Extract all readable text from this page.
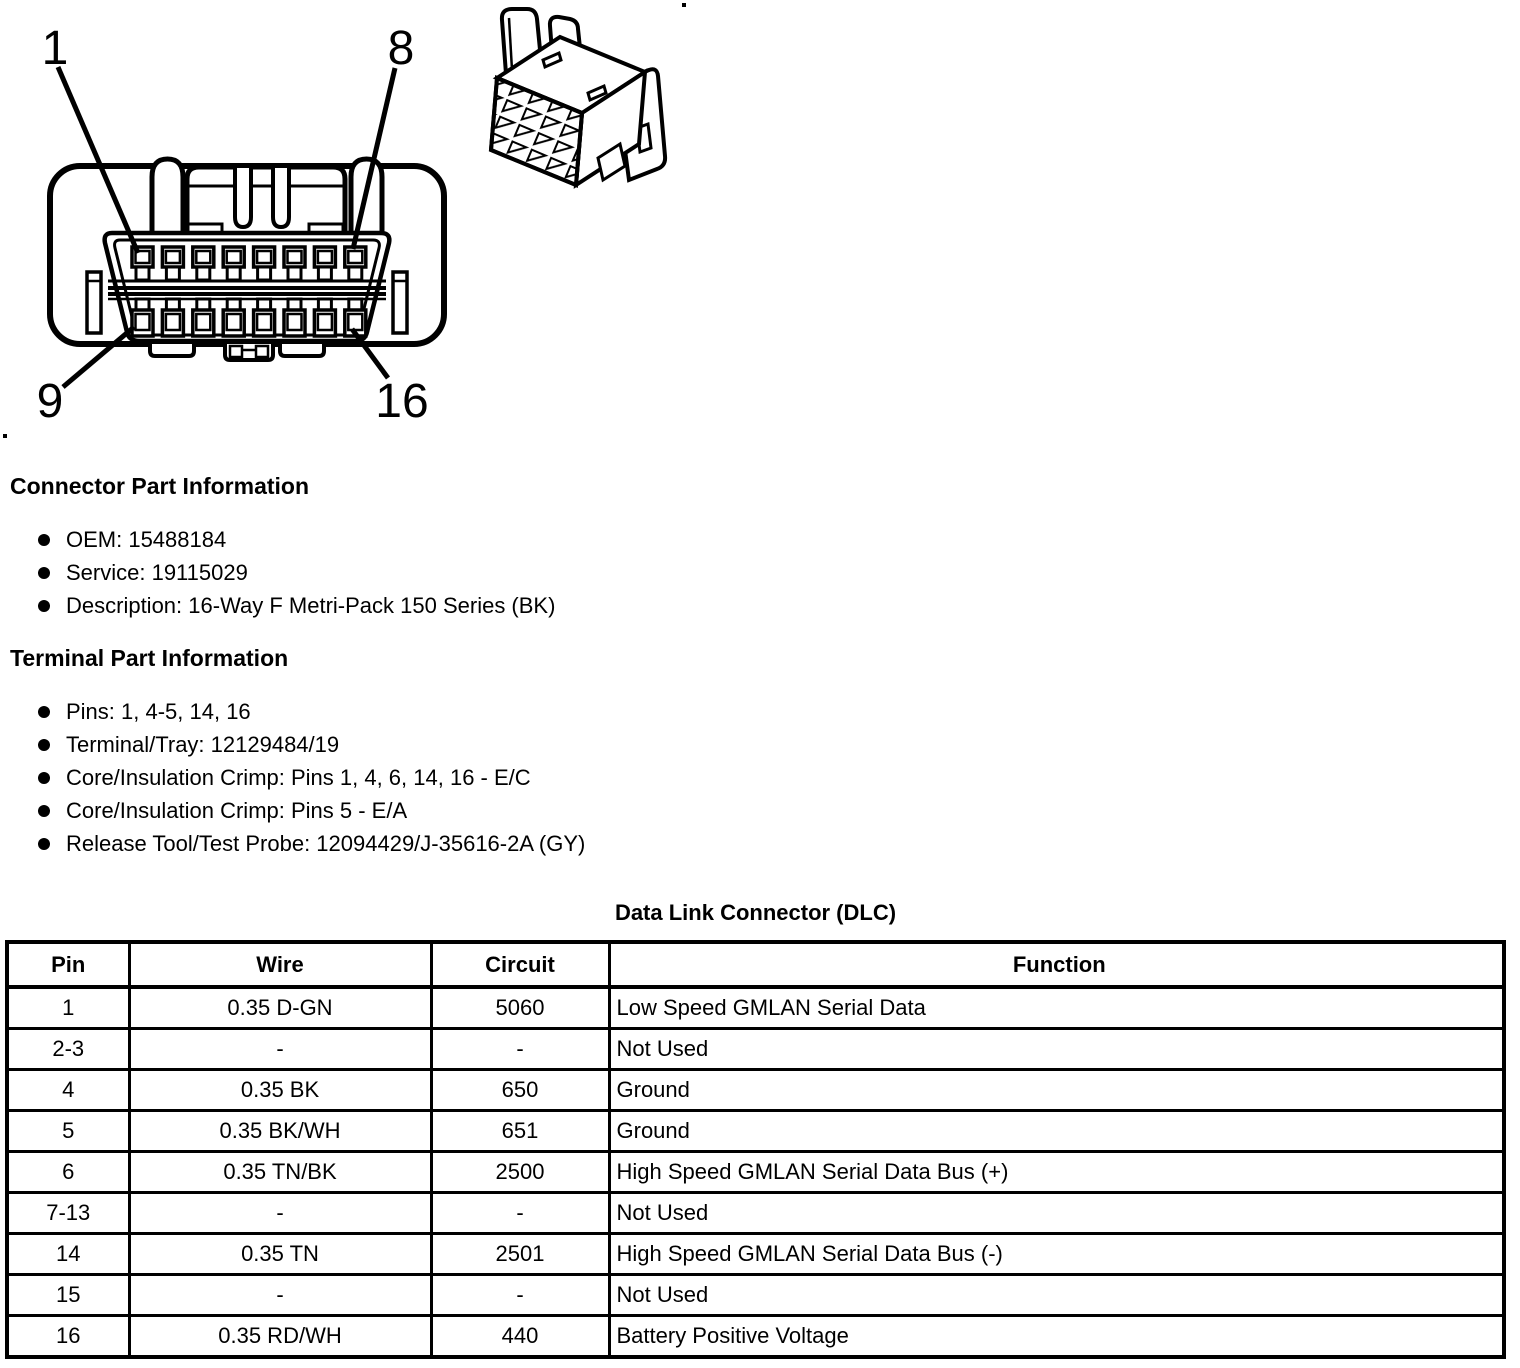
1	8
9	16
Connector Part Information
OEM: 15488184
Service: 19115029
Description: 16-Way F Metri-Pack 150 Series (BK)
Terminal Part Information
Pins: 1, 4-5, 14, 16
Terminal/Tray: 12129484/19
Core/Insulation Crimp: Pins 1, 4, 6, 14, 16 - E/C
Core/Insulation Crimp: Pins 5 - E/A
Release Tool/Test Probe: 12094429/J-35616-2A (GY)
Data Link Connector (DLC)
Pin	Wire	Circuit	Function
1	0.35 D-GN	5060	Low Speed GMLAN Serial Data
2-3	-	-	Not Used
4	0.35 BK	650	Ground
5	0.35 BK/WH	651	Ground
6	0.35 TN/BK	2500	High Speed GMLAN Serial Data Bus (+)
7-13	-	-	Not Used
14	0.35 TN	2501	High Speed GMLAN Serial Data Bus (-)
15	-	-	Not Used
16	0.35 RD/WH	440	Battery Positive Voltage
